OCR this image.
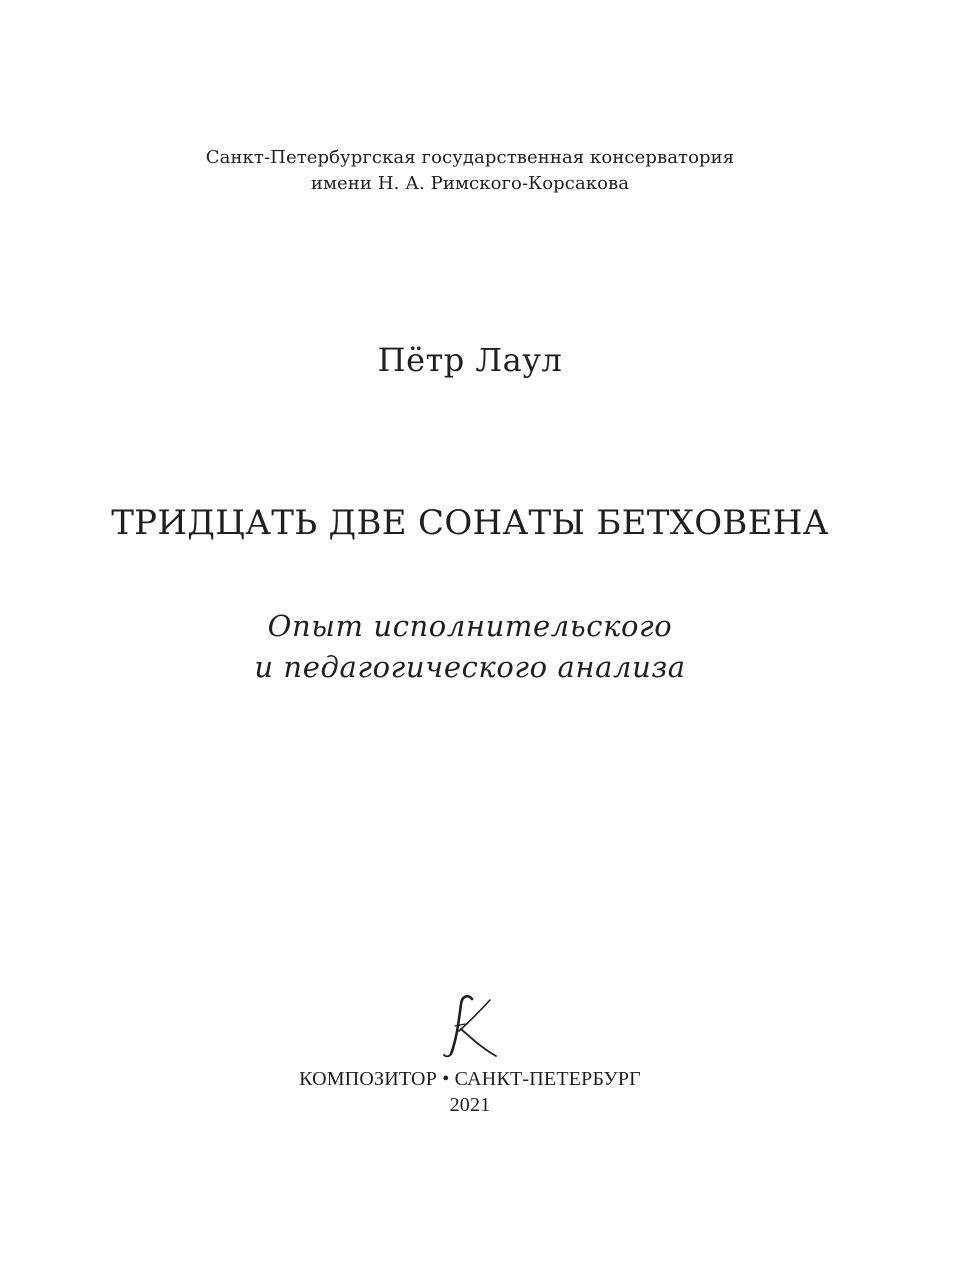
Санкт-Петербургская государственная консерватория
имени Н. А. Римского-Корсакова
Пётр Лаул
ТРИДЦАТЬ ДВЕ СОНАТЫ БЕТХОВЕНА
Опыт исполнительского
и педагогического анализа
КОМПОЗИТОР • САНКТ-ПЕТЕРБУРГ
2021
